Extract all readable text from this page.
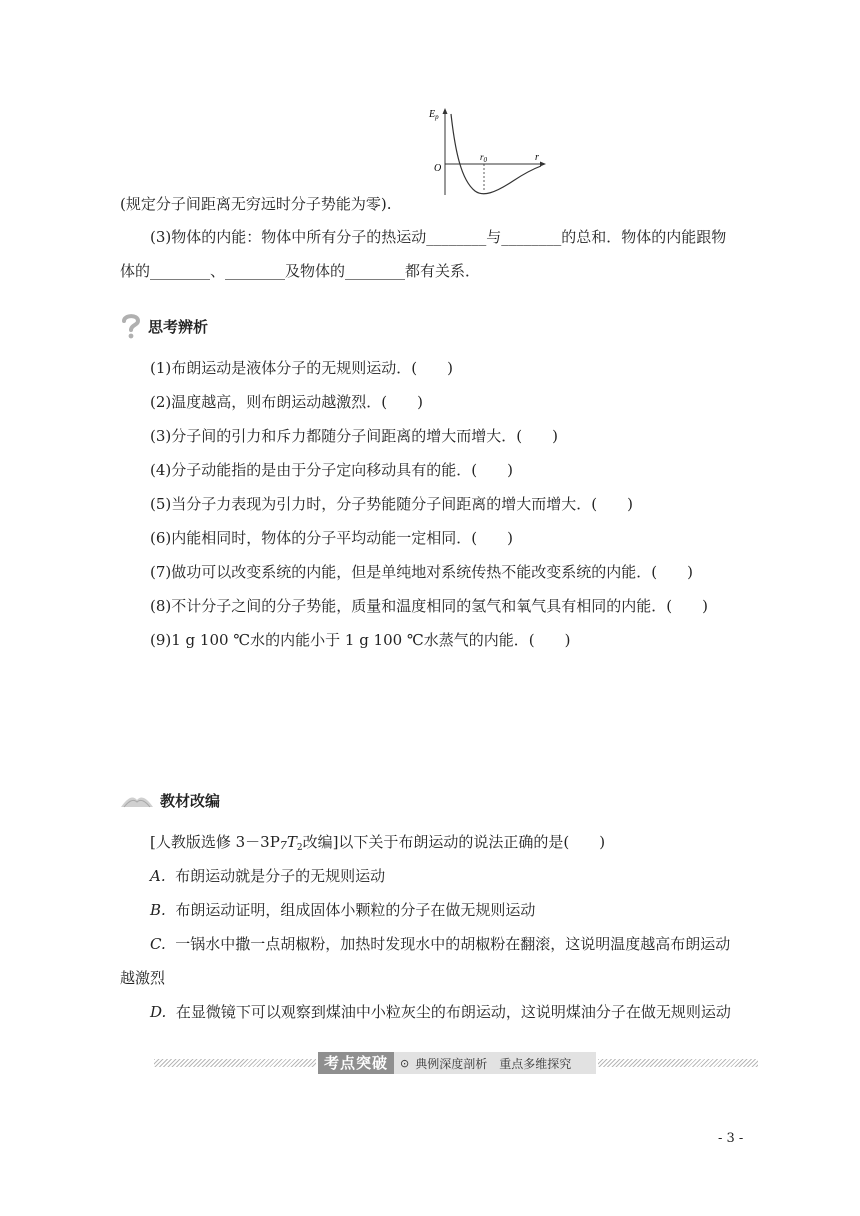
$E_p$
O
$r_0$	r
(规定分子间距离无穷远时分子势能为零).
(3)物体的内能：物体中所有分子的热运动________与________的总和．物体的内能跟物
体的________、________及物体的________都有关系．
思考辨析
(1)布朗运动是液体分子的无规则运动．(　　)
(2)温度越高，则布朗运动越激烈．(　　)
(3)分子间的引力和斥力都随分子间距离的增大而增大．(　　)
(4)分子动能指的是由于分子定向移动具有的能．(　　)
(5)当分子力表现为引力时，分子势能随分子间距离的增大而增大．(　　)
(6)内能相同时，物体的分子平均动能一定相同．(　　)
(7)做功可以改变系统的内能，但是单纯地对系统传热不能改变系统的内能．(　　)
(8)不计分子之间的分子势能，质量和温度相同的氢气和氧气具有相同的内能．(　　)
(9)1 g 100 ℃水的内能小于 1 g 100 ℃水蒸气的内能．(　　)
教材改编
[人教版选修 $3-3P7T_2$改编]以下关于布朗运动的说法正确的是(　　)
A. 布朗运动就是分子的无规则运动
B. 布朗运动证明，组成固体小颗粒的分子在做无规则运动
C. 一锅水中撒一点胡椒粉，加热时发现水中的胡椒粉在翻滚，这说明温度越高布朗运动
越激烈
D. 在显微镜下可以观察到煤油中小粒灰尘的布朗运动，这说明煤油分子在做无规则运动
考点突破	⊙ 典例深度剖析　重点多维探究
- 3 -
